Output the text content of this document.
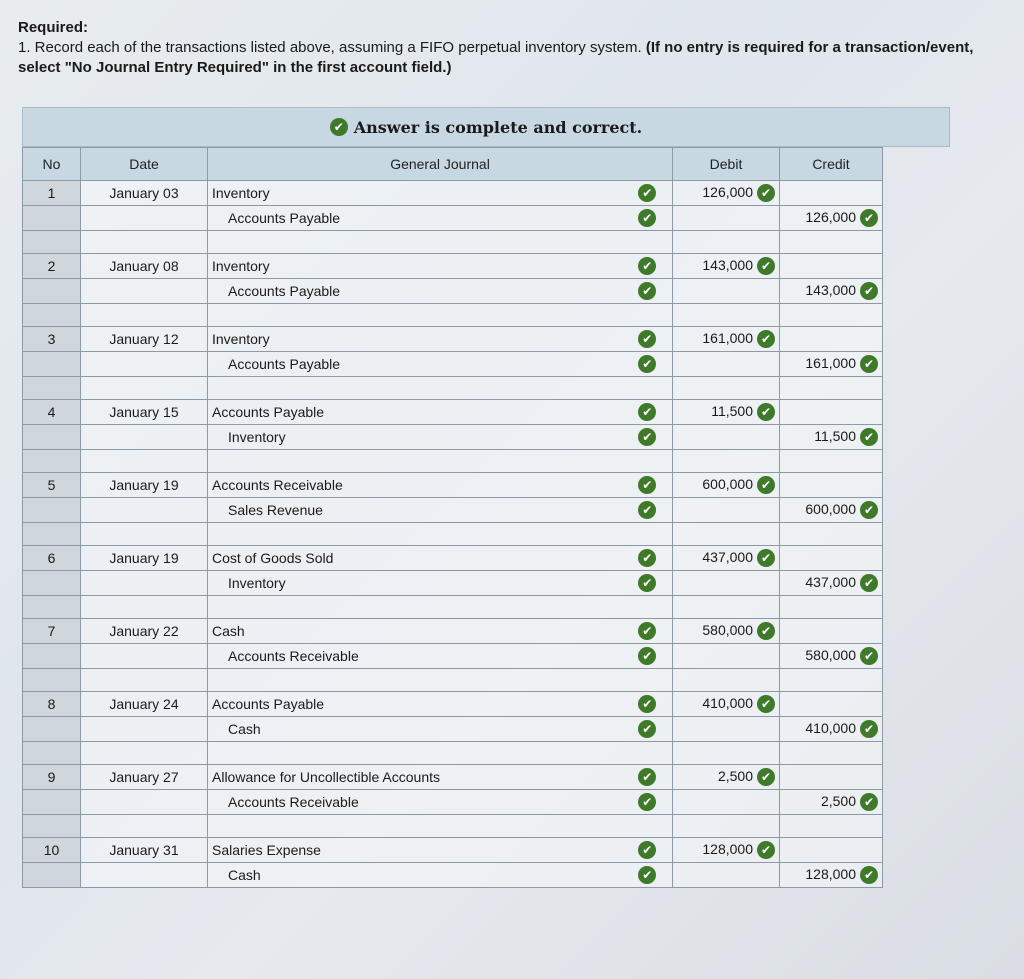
Required:
1. Record each of the transactions listed above, assuming a FIFO perpetual inventory system. (If no entry is required for a transaction/event, select "No Journal Entry Required" in the first account field.)
✔ Answer is complete and correct.
No	Date	General Journal		Debit	Credit
1	January 03	Inventory	✔	126,000 ✔	
		Accounts Payable	✔		126,000 ✔

2	January 08	Inventory	✔	143,000 ✔	
		Accounts Payable	✔		143,000 ✔

3	January 12	Inventory	✔	161,000 ✔	
		Accounts Payable	✔		161,000 ✔

4	January 15	Accounts Payable	✔	11,500 ✔	
		Inventory	✔		11,500 ✔

5	January 19	Accounts Receivable	✔	600,000 ✔	
		Sales Revenue	✔		600,000 ✔

6	January 19	Cost of Goods Sold	✔	437,000 ✔	
		Inventory	✔		437,000 ✔

7	January 22	Cash	✔	580,000 ✔	
		Accounts Receivable	✔		580,000 ✔

8	January 24	Accounts Payable	✔	410,000 ✔	
		Cash	✔		410,000 ✔

9	January 27	Allowance for Uncollectible Accounts	✔	2,500 ✔	
		Accounts Receivable	✔		2,500 ✔

10	January 31	Salaries Expense	✔	128,000 ✔	
		Cash	✔		128,000 ✔
